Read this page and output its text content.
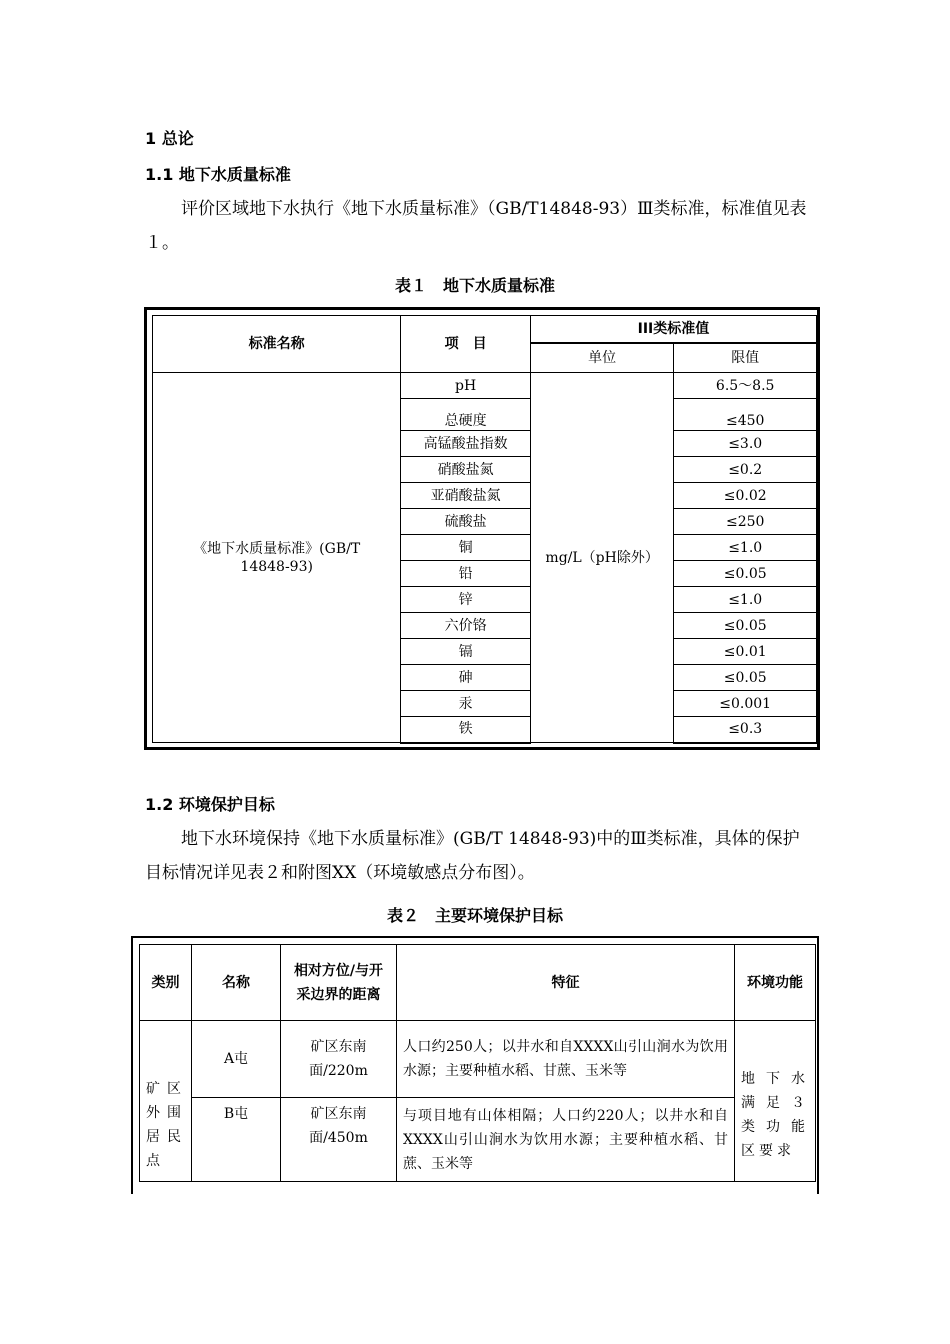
1 总论
1.1 地下水质量标准
评价区域地下水执行《地下水质量标准》（GB/T14848-93）Ⅲ类标准，标准值见表１。
表１　地下水质量标准
标准名称	项　目	III类标准值	
		单位	限值
《地下水质量标准》(GB/T 14848-93)	pH	mg/L（pH除外）	6.5～8.5
	总硬度		≤450
	高锰酸盐指数		≤3.0
	硝酸盐氮		≤0.2
	亚硝酸盐氮		≤0.02
	硫酸盐		≤250
	铜		≤1.0
	铅		≤0.05
	锌		≤1.0
	六价铬		≤0.05
	镉		≤0.01
	砷		≤0.05
	汞		≤0.001
	铁		≤0.3
1.2 环境保护目标
地下水环境保持《地下水质量标准》(GB/T 14848-93)中的Ⅲ类标准，具体的保护目标情况详见表２和附图XX（环境敏感点分布图）。
表２　主要环境保护目标
类别	名称	相对方位/与开采边界的距离	特征	环境功能
矿区外围居民点	A屯	矿区东南面/220m	人口约250人；以井水和自XXXX山引山涧水为饮用水源；主要种植水稻、甘蔗、玉米等	地下水满足３类功能区要求
	B屯	矿区东南面/450m	与项目地有山体相隔；人口约220人；以井水和自XXXX山引山涧水为饮用水源；主要种植水稻、甘蔗、玉米等	
